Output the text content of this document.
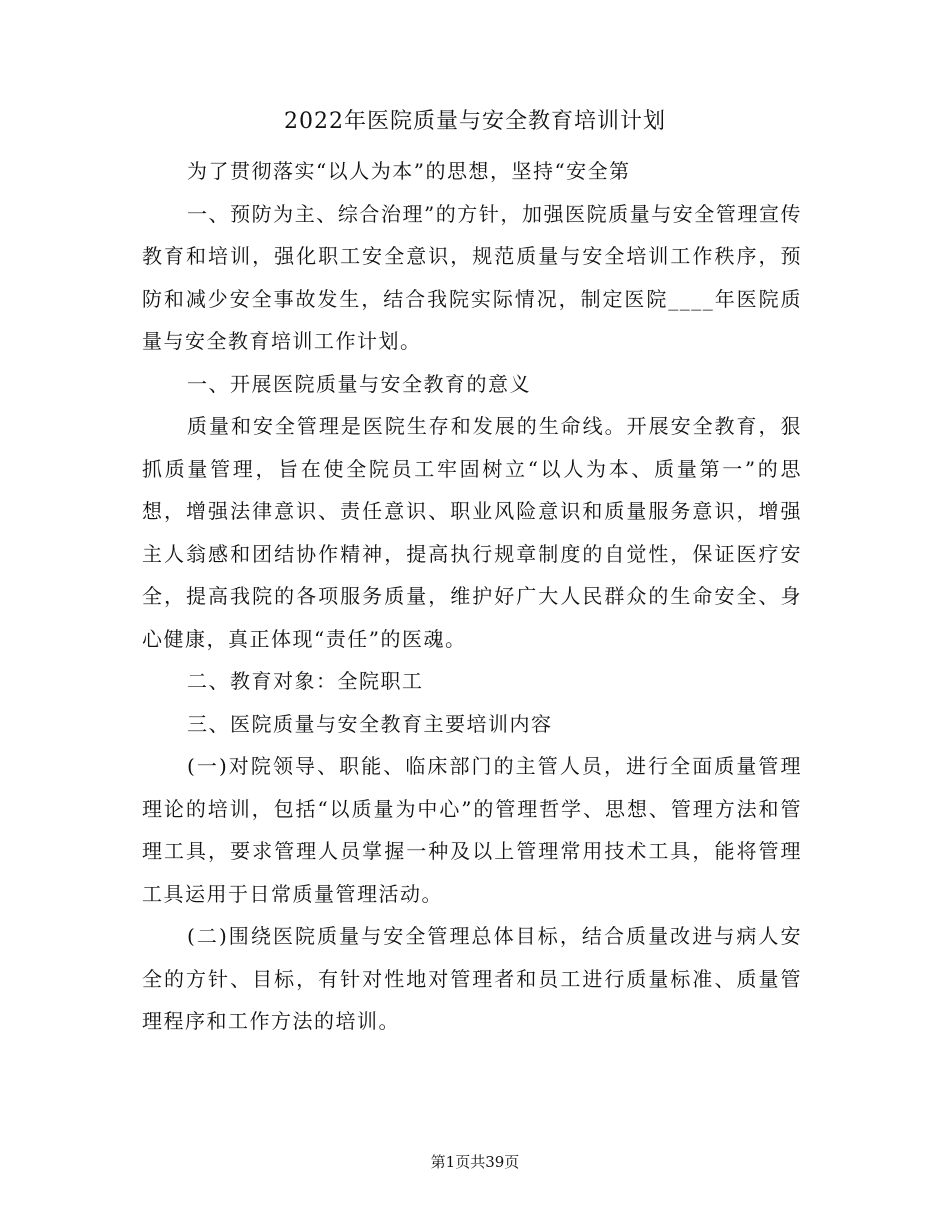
2022年医院质量与安全教育培训计划

为了贯彻落实“以人为本”的思想，坚持“安全第

一、预防为主、综合治理”的方针，加强医院质量与安全管理宣传教育和培训，强化职工安全意识，规范质量与安全培训工作秩序，预防和减少安全事故发生，结合我院实际情况，制定医院____年医院质量与安全教育培训工作计划。

一、开展医院质量与安全教育的意义

质量和安全管理是医院生存和发展的生命线。开展安全教育，狠抓质量管理，旨在使全院员工牢固树立“以人为本、质量第一”的思想，增强法律意识、责任意识、职业风险意识和质量服务意识，增强主人翁感和团结协作精神，提高执行规章制度的自觉性，保证医疗安全，提高我院的各项服务质量，维护好广大人民群众的生命安全、身心健康，真正体现“责任”的医魂。

二、教育对象：全院职工

三、医院质量与安全教育主要培训内容

(一)对院领导、职能、临床部门的主管人员，进行全面质量管理理论的培训，包括“以质量为中心”的管理哲学、思想、管理方法和管理工具，要求管理人员掌握一种及以上管理常用技术工具，能将管理工具运用于日常质量管理活动。

(二)围绕医院质量与安全管理总体目标，结合质量改进与病人安全的方针、目标，有针对性地对管理者和员工进行质量标准、质量管理程序和工作方法的培训。

第1页共39页
